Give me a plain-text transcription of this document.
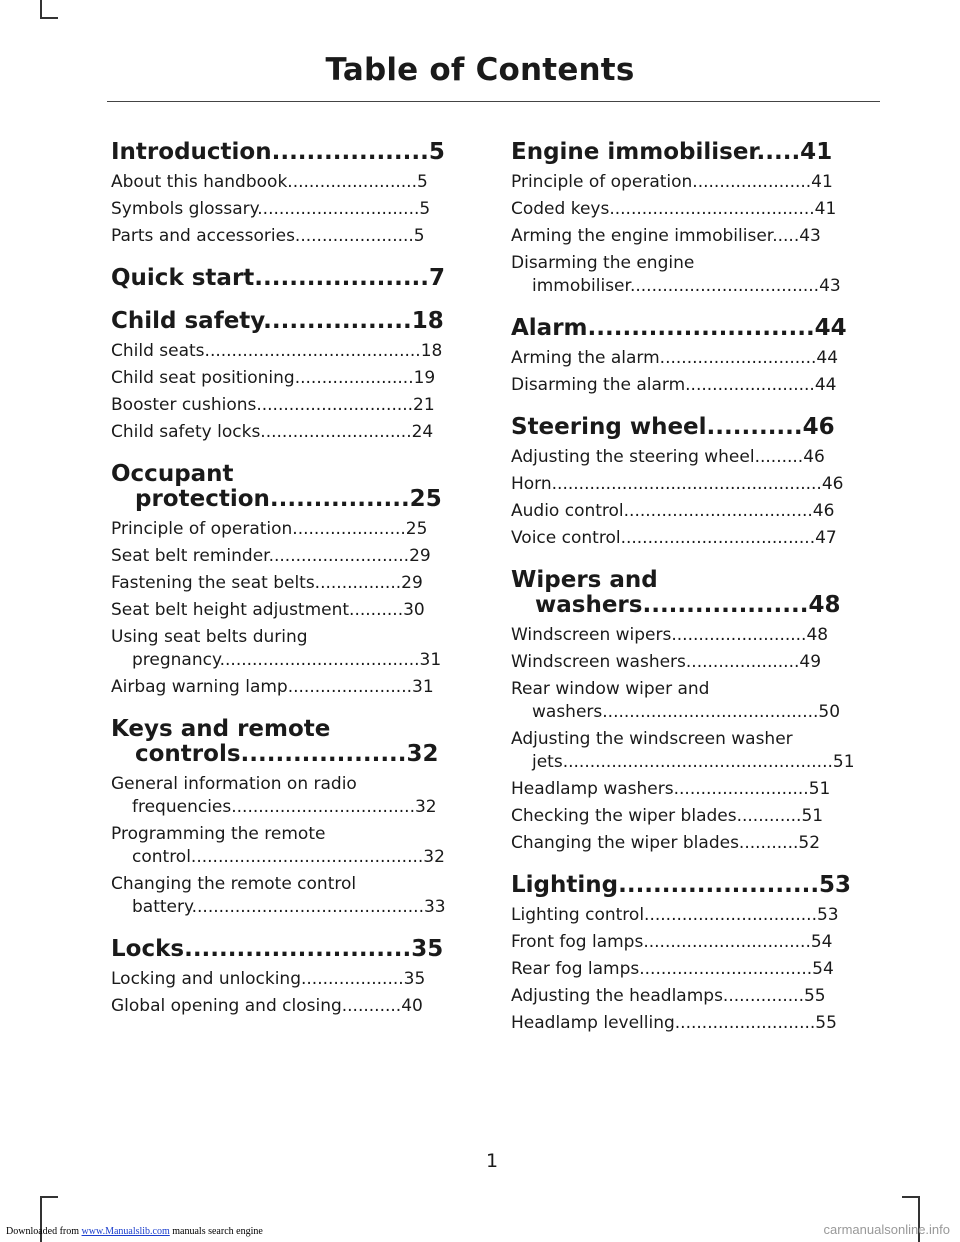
Table of Contents
Introduction..................5
About this handbook........................5
Symbols glossary..............................5
Parts and accessories......................5
Quick start....................7
Child safety.................18
Child seats........................................18
Child seat positioning......................19
Booster cushions.............................21
Child safety locks............................24
Occupant protection................25
Principle of operation.....................25
Seat belt reminder..........................29
Fastening the seat belts................29
Seat belt height adjustment..........30
Using seat belts during pregnancy.....................................31
Airbag warning lamp.......................31
Keys and remote controls...................32
General information on radio frequencies..................................32
Programming the remote control...........................................32
Changing the remote control battery...........................................33
Locks..........................35
Locking and unlocking...................35
Global opening and closing...........40
Engine immobiliser.....41
Principle of operation......................41
Coded keys......................................41
Arming the engine immobiliser.....43
Disarming the engine immobiliser...................................43
Alarm..........................44
Arming the alarm.............................44
Disarming the alarm........................44
Steering wheel...........46
Adjusting the steering wheel.........46
Horn..................................................46
Audio control...................................46
Voice control....................................47
Wipers and washers...................48
Windscreen wipers.........................48
Windscreen washers.....................49
Rear window wiper and washers........................................50
Adjusting the windscreen washer jets..................................................51
Headlamp washers.........................51
Checking the wiper blades............51
Changing the wiper blades...........52
Lighting.......................53
Lighting control................................53
Front fog lamps...............................54
Rear fog lamps................................54
Adjusting the headlamps...............55
Headlamp levelling..........................55
1
Downloaded from www.Manualslib.com manuals search engine	carmanualsonline.info
